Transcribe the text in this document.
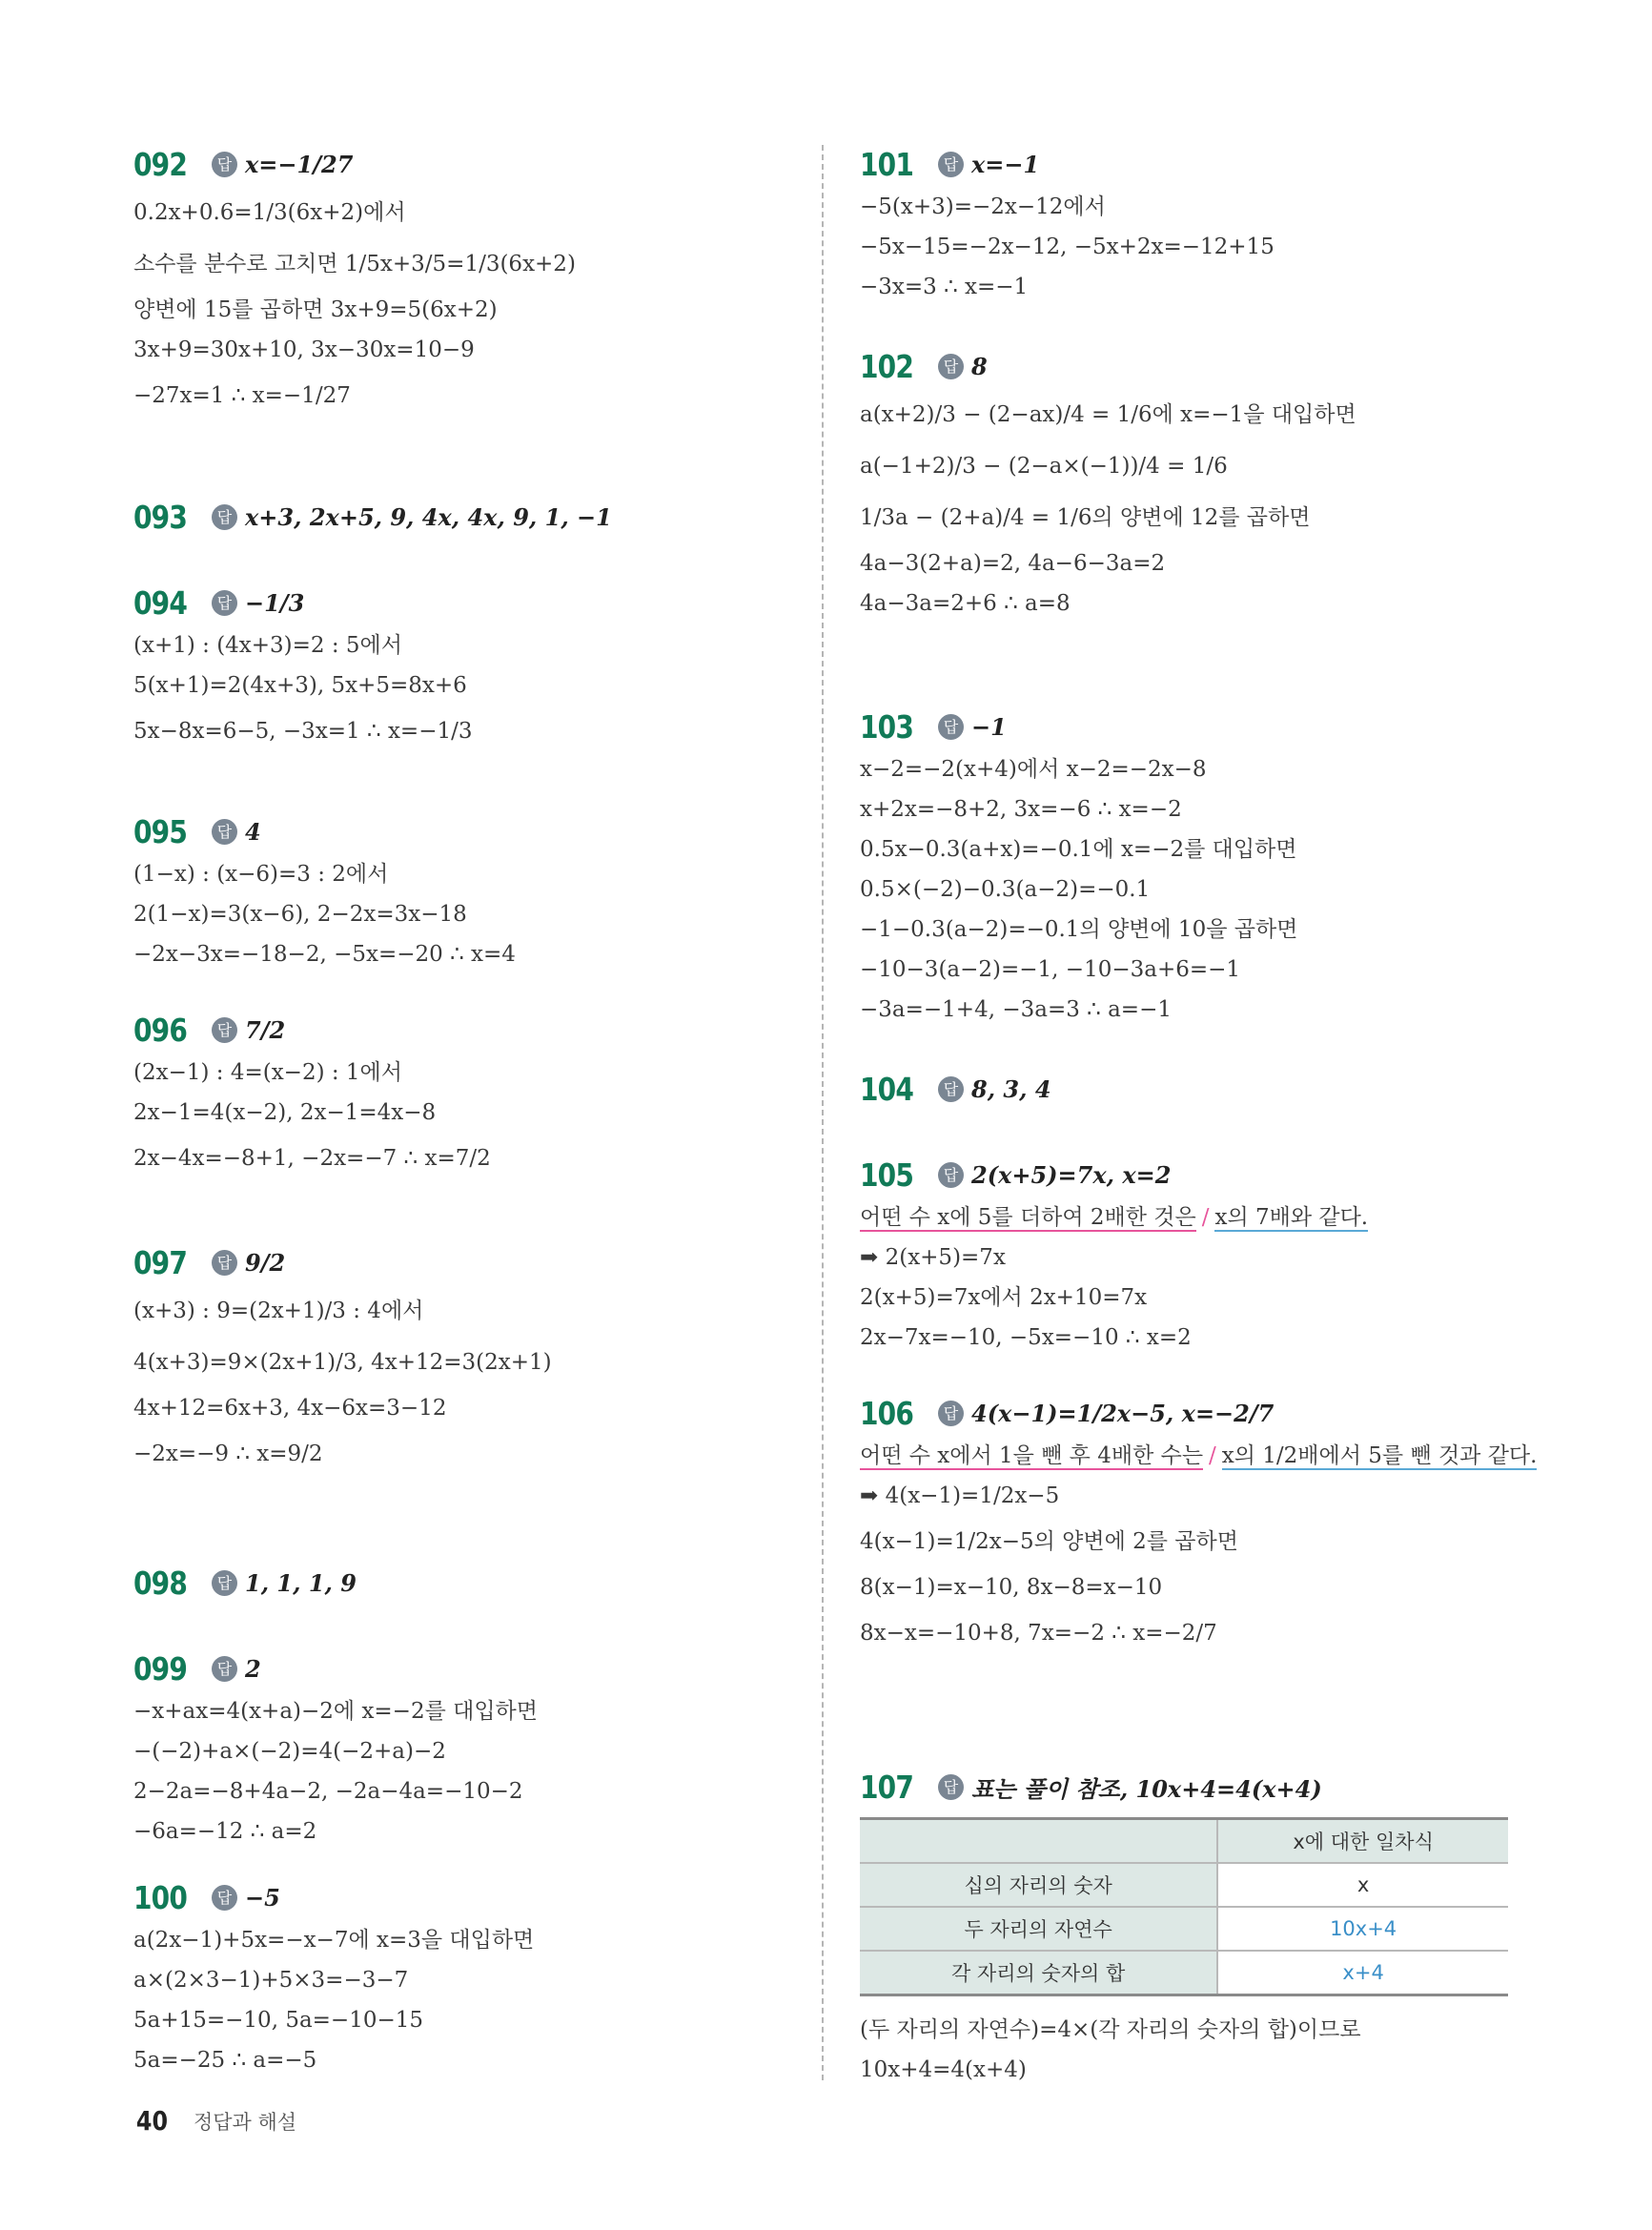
092	답 x=−1/27
0.2x+0.6=1/3(6x+2)에서
소수를 분수로 고치면 1/5x+3/5=1/3(6x+2)
양변에 15를 곱하면 3x+9=5(6x+2)
3x+9=30x+10, 3x−30x=10−9
−27x=1 ∴ x=−1/27
093	답 x+3, 2x+5, 9, 4x, 4x, 9, 1, −1
094	답 −1/3
(x+1) : (4x+3)=2 : 5에서
5(x+1)=2(4x+3), 5x+5=8x+6
5x−8x=6−5, −3x=1 ∴ x=−1/3
095	답 4
(1−x) : (x−6)=3 : 2에서
2(1−x)=3(x−6), 2−2x=3x−18
−2x−3x=−18−2, −5x=−20 ∴ x=4
096	답 7/2
(2x−1) : 4=(x−2) : 1에서
2x−1=4(x−2), 2x−1=4x−8
2x−4x=−8+1, −2x=−7 ∴ x=7/2
097	답 9/2
(x+3) : 9=(2x+1)/3 : 4에서
4(x+3)=9×(2x+1)/3, 4x+12=3(2x+1)
4x+12=6x+3, 4x−6x=3−12
−2x=−9 ∴ x=9/2
098	답 1, 1, 1, 9
099	답 2
−x+ax=4(x+a)−2에 x=−2를 대입하면
−(−2)+a×(−2)=4(−2+a)−2
2−2a=−8+4a−2, −2a−4a=−10−2
−6a=−12 ∴ a=2
100	답 −5
a(2x−1)+5x=−x−7에 x=3을 대입하면
a×(2×3−1)+5×3=−3−7
5a+15=−10, 5a=−10−15
5a=−25 ∴ a=−5
101	답 x=−1
−5(x+3)=−2x−12에서
−5x−15=−2x−12, −5x+2x=−12+15
−3x=3 ∴ x=−1
102	답 8
a(x+2)/3 − (2−ax)/4 = 1/6에 x=−1을 대입하면
a(−1+2)/3 − (2−a×(−1))/4 = 1/6
1/3a − (2+a)/4 = 1/6의 양변에 12를 곱하면
4a−3(2+a)=2, 4a−6−3a=2
4a−3a=2+6 ∴ a=8
103	답 −1
x−2=−2(x+4)에서 x−2=−2x−8
x+2x=−8+2, 3x=−6 ∴ x=−2
0.5x−0.3(a+x)=−0.1에 x=−2를 대입하면
0.5×(−2)−0.3(a−2)=−0.1
−1−0.3(a−2)=−0.1의 양변에 10을 곱하면
−10−3(a−2)=−1, −10−3a+6=−1
−3a=−1+4, −3a=3 ∴ a=−1
104	답 8, 3, 4
105	답 2(x+5)=7x, x=2
어떤 수 x에 5를 더하여 2배한 것은 / x의 7배와 같다.
➡ 2(x+5)=7x
2(x+5)=7x에서 2x+10=7x
2x−7x=−10, −5x=−10 ∴ x=2
106	답 4(x−1)=1/2x−5, x=−2/7
어떤 수 x에서 1을 뺀 후 4배한 수는 / x의 1/2배에서 5를 뺀 것과 같다.
➡ 4(x−1)=1/2x−5
4(x−1)=1/2x−5의 양변에 2를 곱하면
8(x−1)=x−10, 8x−8=x−10
8x−x=−10+8, 7x=−2 ∴ x=−2/7
107	답 표는 풀이 참조, 10x+4=4(x+4)
	x에 대한 일차식
십의 자리의 숫자	x
두 자리의 자연수	10x+4
각 자리의 숫자의 합	x+4
(두 자리의 자연수)=4×(각 자리의 숫자의 합)이므로
10x+4=4(x+4)
40 정답과 해설
